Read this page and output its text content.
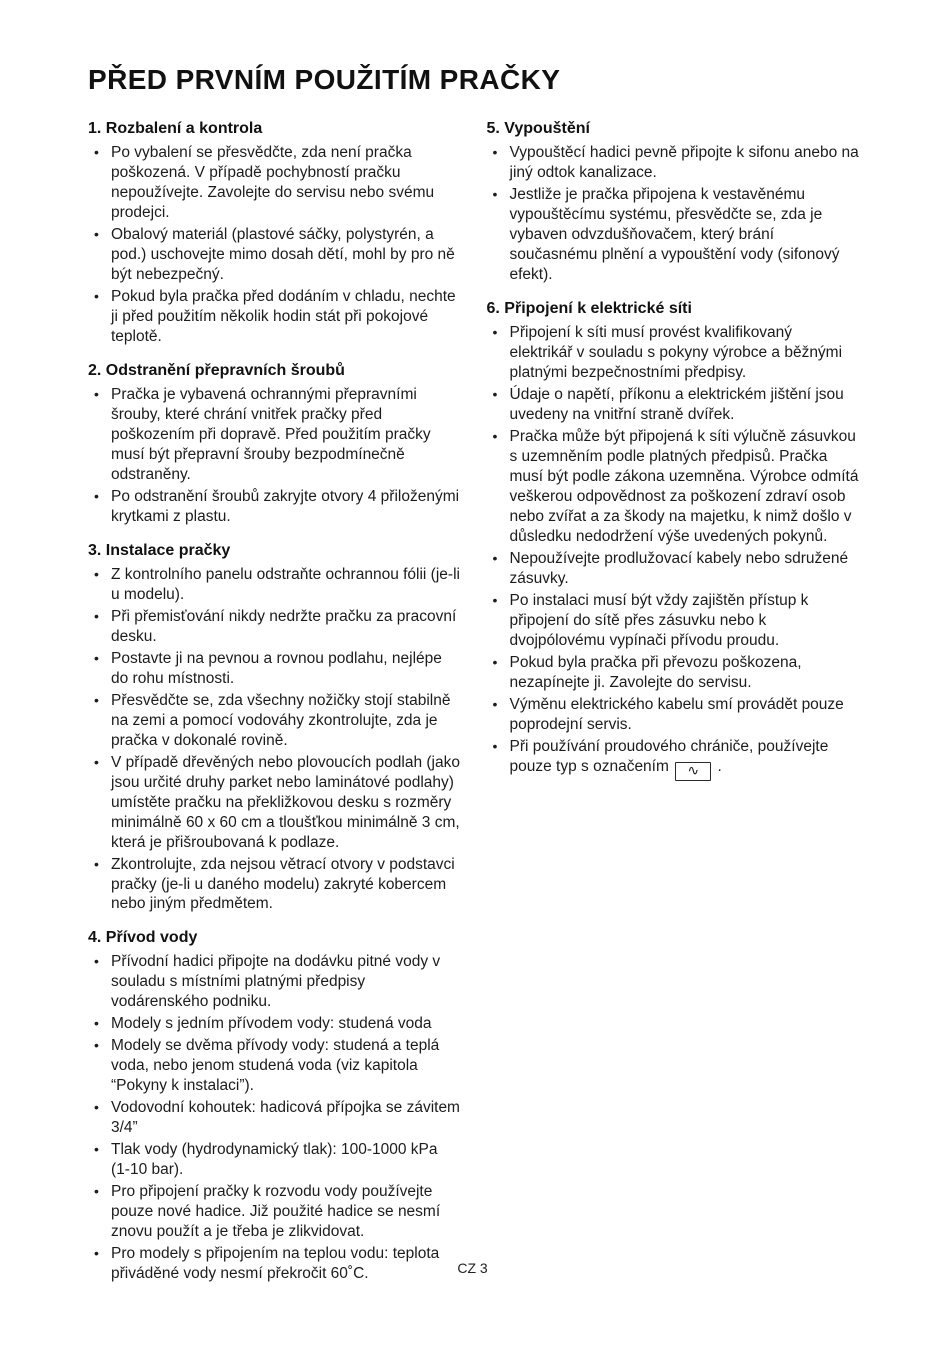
PŘED PRVNÍM POUŽITÍM PRAČKY
1. Rozbalení a kontrola
• Po vybalení se přesvědčte, zda není pračka poškozená. V případě pochybností pračku nepoužívejte. Zavolejte do servisu nebo svému prodejci.
• Obalový materiál (plastové sáčky, polystyrén, a pod.) uschovejte mimo dosah dětí, mohl by pro ně být nebezpečný.
• Pokud byla pračka před dodáním v chladu, nechte ji před použitím několik hodin stát při pokojové teplotě.
2. Odstranění přepravních šroubů
• Pračka je vybavená ochrannými přepravními šrouby, které chrání vnitřek pračky před poškozením při dopravě. Před použitím pračky musí být přepravní šrouby bezpodmínečně odstraněny.
• Po odstranění šroubů zakryjte otvory 4 přiloženými krytkami z plastu.
3. Instalace pračky
• Z kontrolního panelu odstraňte ochrannou fólii (je-li u modelu).
• Při přemisťování nikdy nedržte pračku za pracovní desku.
• Postavte ji na pevnou a rovnou podlahu, nejlépe do rohu místnosti.
• Přesvědčte se, zda všechny nožičky stojí stabilně na zemi a pomocí vodováhy zkontrolujte, zda je pračka v dokonalé rovině.
• V případě dřevěných nebo plovoucích podlah (jako jsou určité druhy parket nebo laminátové podlahy) umístěte pračku na překližkovou desku s rozměry minimálně 60 x 60 cm a tloušťkou minimálně 3 cm, která je přišroubovaná k podlaze.
• Zkontrolujte, zda nejsou větrací otvory v podstavci pračky (je-li u daného modelu) zakryté kobercem nebo jiným předmětem.
4. Přívod vody
• Přívodní hadici připojte na dodávku pitné vody v souladu s místními platnými předpisy vodárenského podniku.
• Modely s jedním přívodem vody: studená voda
• Modely se dvěma přívody vody: studená a teplá voda, nebo jenom studená voda (viz kapitola “Pokyny k instalaci”).
• Vodovodní kohoutek: hadicová přípojka se závitem 3/4”
• Tlak vody (hydrodynamický tlak): 100-1000 kPa (1-10 bar).
• Pro připojení pračky k rozvodu vody používejte pouze nové hadice. Již použité hadice se nesmí znovu použít a je třeba je zlikvidovat.
• Pro modely s připojením na teplou vodu: teplota přiváděné vody nesmí překročit 60˚C.
5. Vypouštění
• Vypouštěcí hadici pevně připojte k sifonu anebo na jiný odtok kanalizace.
• Jestliže je pračka připojena k vestavěnému vypouštěcímu systému, přesvědčte se, zda je vybaven odvzdušňovačem, který brání současnému plnění a vypouštění vody (sifonový efekt).
6. Připojení k elektrické síti
• Připojení k síti musí provést kvalifikovaný elektrikář v souladu s pokyny výrobce a běžnými platnými bezpečnostními předpisy.
• Údaje o napětí, příkonu a elektrickém jištění jsou uvedeny na vnitřní straně dvířek.
• Pračka může být připojená k síti výlučně zásuvkou s uzemněním podle platných předpisů. Pračka musí být podle zákona uzemněna. Výrobce odmítá veškerou odpovědnost za poškození zdraví osob nebo zvířat a za škody na majetku, k nimž došlo v důsledku nedodržení výše uvedených pokynů.
• Nepoužívejte prodlužovací kabely nebo sdružené zásuvky.
• Po instalaci musí být vždy zajištěn přístup k připojení do sítě přes zásuvku nebo k dvojpólovému vypínači přívodu proudu.
• Pokud byla pračka při převozu poškozena, nezapínejte ji. Zavolejte do servisu.
• Výměnu elektrického kabelu smí provádět pouze poprodejní servis.
• Při používání proudového chrániče, používejte pouze typ s označením ∿ .
CZ 3
